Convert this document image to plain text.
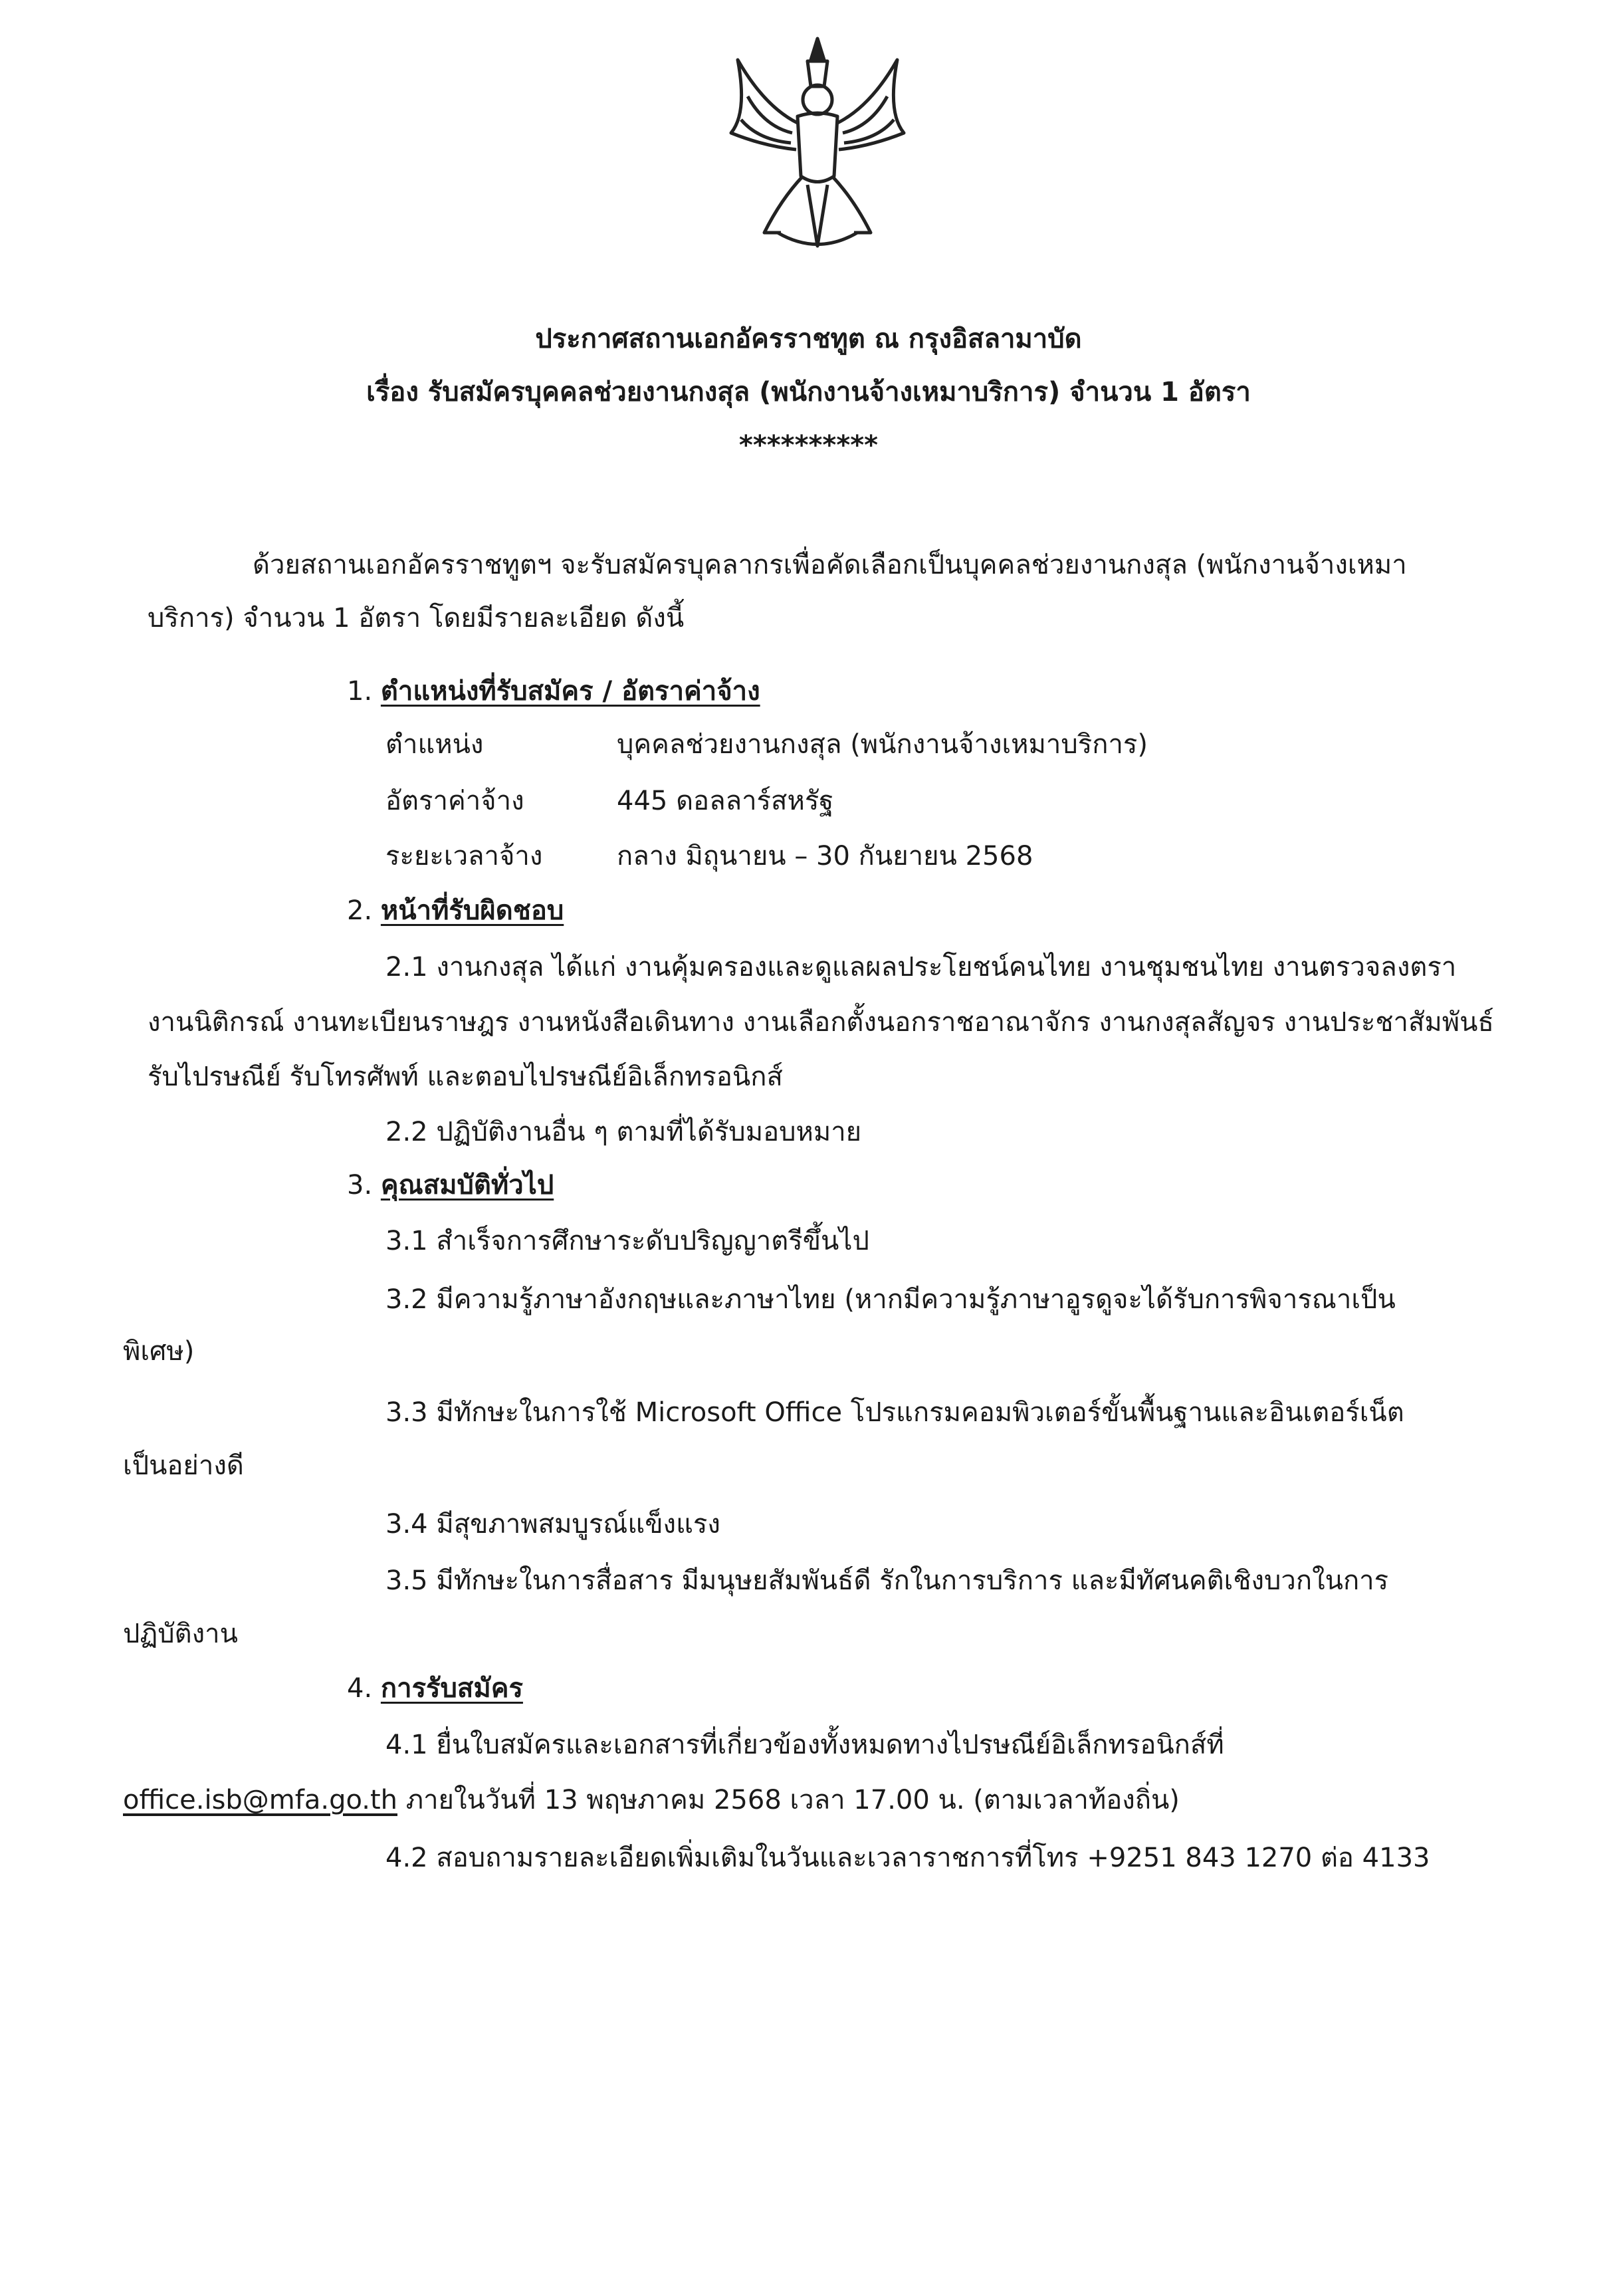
ประกาศสถานเอกอัครราชทูต ณ กรุงอิสลามาบัด
เรื่อง รับสมัครบุคคลช่วยงานกงสุล (พนักงานจ้างเหมาบริการ) จำนวน 1 อัตรา
**********
ด้วยสถานเอกอัครราชทูตฯ จะรับสมัครบุคลากรเพื่อคัดเลือกเป็นบุคคลช่วยงานกงสุล (พนักงานจ้างเหมา
บริการ) จำนวน 1 อัตรา โดยมีรายละเอียด ดังนี้
1. ตำแหน่งที่รับสมัคร / อัตราค่าจ้าง
ตำแหน่ง	บุคคลช่วยงานกงสุล (พนักงานจ้างเหมาบริการ)
อัตราค่าจ้าง	445 ดอลลาร์สหรัฐ
ระยะเวลาจ้าง	กลาง มิถุนายน – 30 กันยายน 2568
2. หน้าที่รับผิดชอบ
2.1 งานกงสุล ได้แก่ งานคุ้มครองและดูแลผลประโยชน์คนไทย งานชุมชนไทย งานตรวจลงตรา
งานนิติกรณ์ งานทะเบียนราษฎร งานหนังสือเดินทาง งานเลือกตั้งนอกราชอาณาจักร งานกงสุลสัญจร งานประชาสัมพันธ์
รับไปรษณีย์ รับโทรศัพท์ และตอบไปรษณีย์อิเล็กทรอนิกส์
2.2 ปฏิบัติงานอื่น ๆ ตามที่ได้รับมอบหมาย
3. คุณสมบัติทั่วไป
3.1 สำเร็จการศึกษาระดับปริญญาตรีขึ้นไป
3.2 มีความรู้ภาษาอังกฤษและภาษาไทย (หากมีความรู้ภาษาอูรดูจะได้รับการพิจารณาเป็น
พิเศษ)
3.3 มีทักษะในการใช้ Microsoft Office โปรแกรมคอมพิวเตอร์ขั้นพื้นฐานและอินเตอร์เน็ต
เป็นอย่างดี
3.4 มีสุขภาพสมบูรณ์แข็งแรง
3.5 มีทักษะในการสื่อสาร มีมนุษยสัมพันธ์ดี รักในการบริการ และมีทัศนคติเชิงบวกในการ
ปฏิบัติงาน
4. การรับสมัคร
4.1 ยื่นใบสมัครและเอกสารที่เกี่ยวข้องทั้งหมดทางไปรษณีย์อิเล็กทรอนิกส์ที่
office.isb@mfa.go.th ภายในวันที่ 13 พฤษภาคม 2568 เวลา 17.00 น. (ตามเวลาท้องถิ่น)
4.2 สอบถามรายละเอียดเพิ่มเติมในวันและเวลาราชการที่โทร +9251 843 1270 ต่อ 4133
